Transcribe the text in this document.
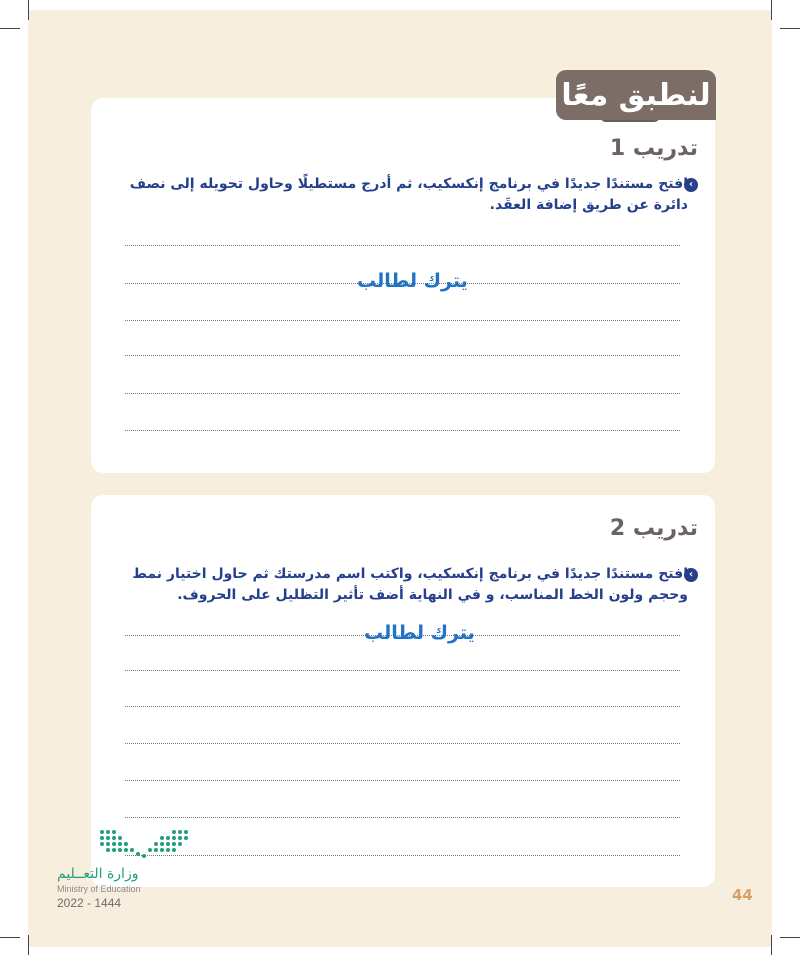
لنطبق معًا
تدريب 1
‹
افتح مستندًا جديدًا في برنامج إنكسكيب، ثم أدرج مستطيلًا وحاول تحويله إلى نصف دائرة عن طريق إضافة العقَد.
يترك لطالب
تدريب 2
‹
افتح مستندًا جديدًا في برنامج إنكسكيب، واكتب اسم مدرستك ثم حاول اختيار نمط وحجم ولون الخط المناسب، و في النهاية أضف تأثير التظليل على الحروف.
يترك لطالب
وزارة التعــليم
Ministry of Education
2022 - 1444	44
